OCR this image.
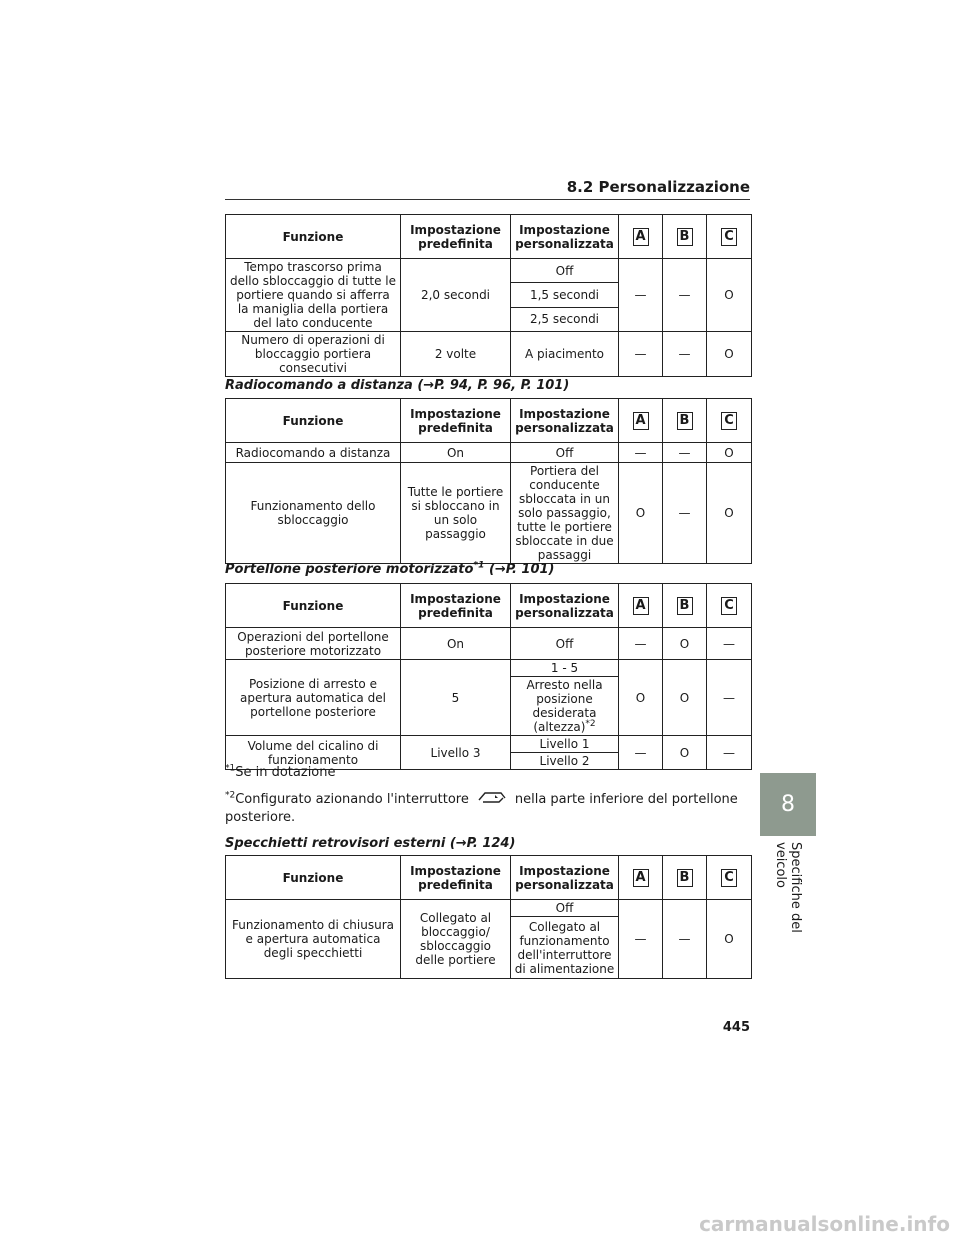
8.2 Personalizzazione
Funzione	Impostazione predefinita	Impostazione personalizzata	A	B	C
Tempo trascorso prima dello sbloccaggio di tutte le portiere quando si afferra la maniglia della portiera del lato conducente	2,0 secondi	Off	—	—	O
		1,5 secondi			
		2,5 secondi			
Numero di operazioni di bloccaggio portiera consecutivi	2 volte	A piacimento	—	—	O
Radiocomando a distanza (→P. 94, P. 96, P. 101)
Funzione	Impostazione predefinita	Impostazione personalizzata	A	B	C
Radiocomando a distanza	On	Off	—	—	O
Funzionamento dello sbloccaggio	Tutte le portiere si sbloccano in un solo passaggio	Portiera del conducente sbloccata in un solo passaggio, tutte le portiere sbloccate in due passaggi	O	—	O
Portellone posteriore motorizzato$^{*1}$ (→P. 101)
Funzione	Impostazione predefinita	Impostazione personalizzata	A	B	C
Operazioni del portellone posteriore motorizzato	On	Off	—	O	—
Posizione di arresto e apertura automatica del portellone posteriore	5	1 - 5	O	O	—
		Arresto nella posizione desiderata (altezza)$^{*2}$
Volume del cicalino di funzionamento	Livello 3	Livello 1	—	O	—
		Livello 2			
$^{*1}$Se in dotazione
$^{*2}$Configurato azionando l'interruttore	nella parte inferiore del portellone posteriore.
Specchietti retrovisori esterni (→P. 124)
Funzione	Impostazione predefinita	Impostazione personalizzata	A	B	C
Funzionamento di chiusura e apertura automatica degli specchietti	Collegato al bloccaggio/ sbloccaggio delle portiere	Off	—	—	O
		Collegato al funzionamento dell'interruttore di alimentazione			
8
Specifiche del veicolo
445
carmanualsonline.info
